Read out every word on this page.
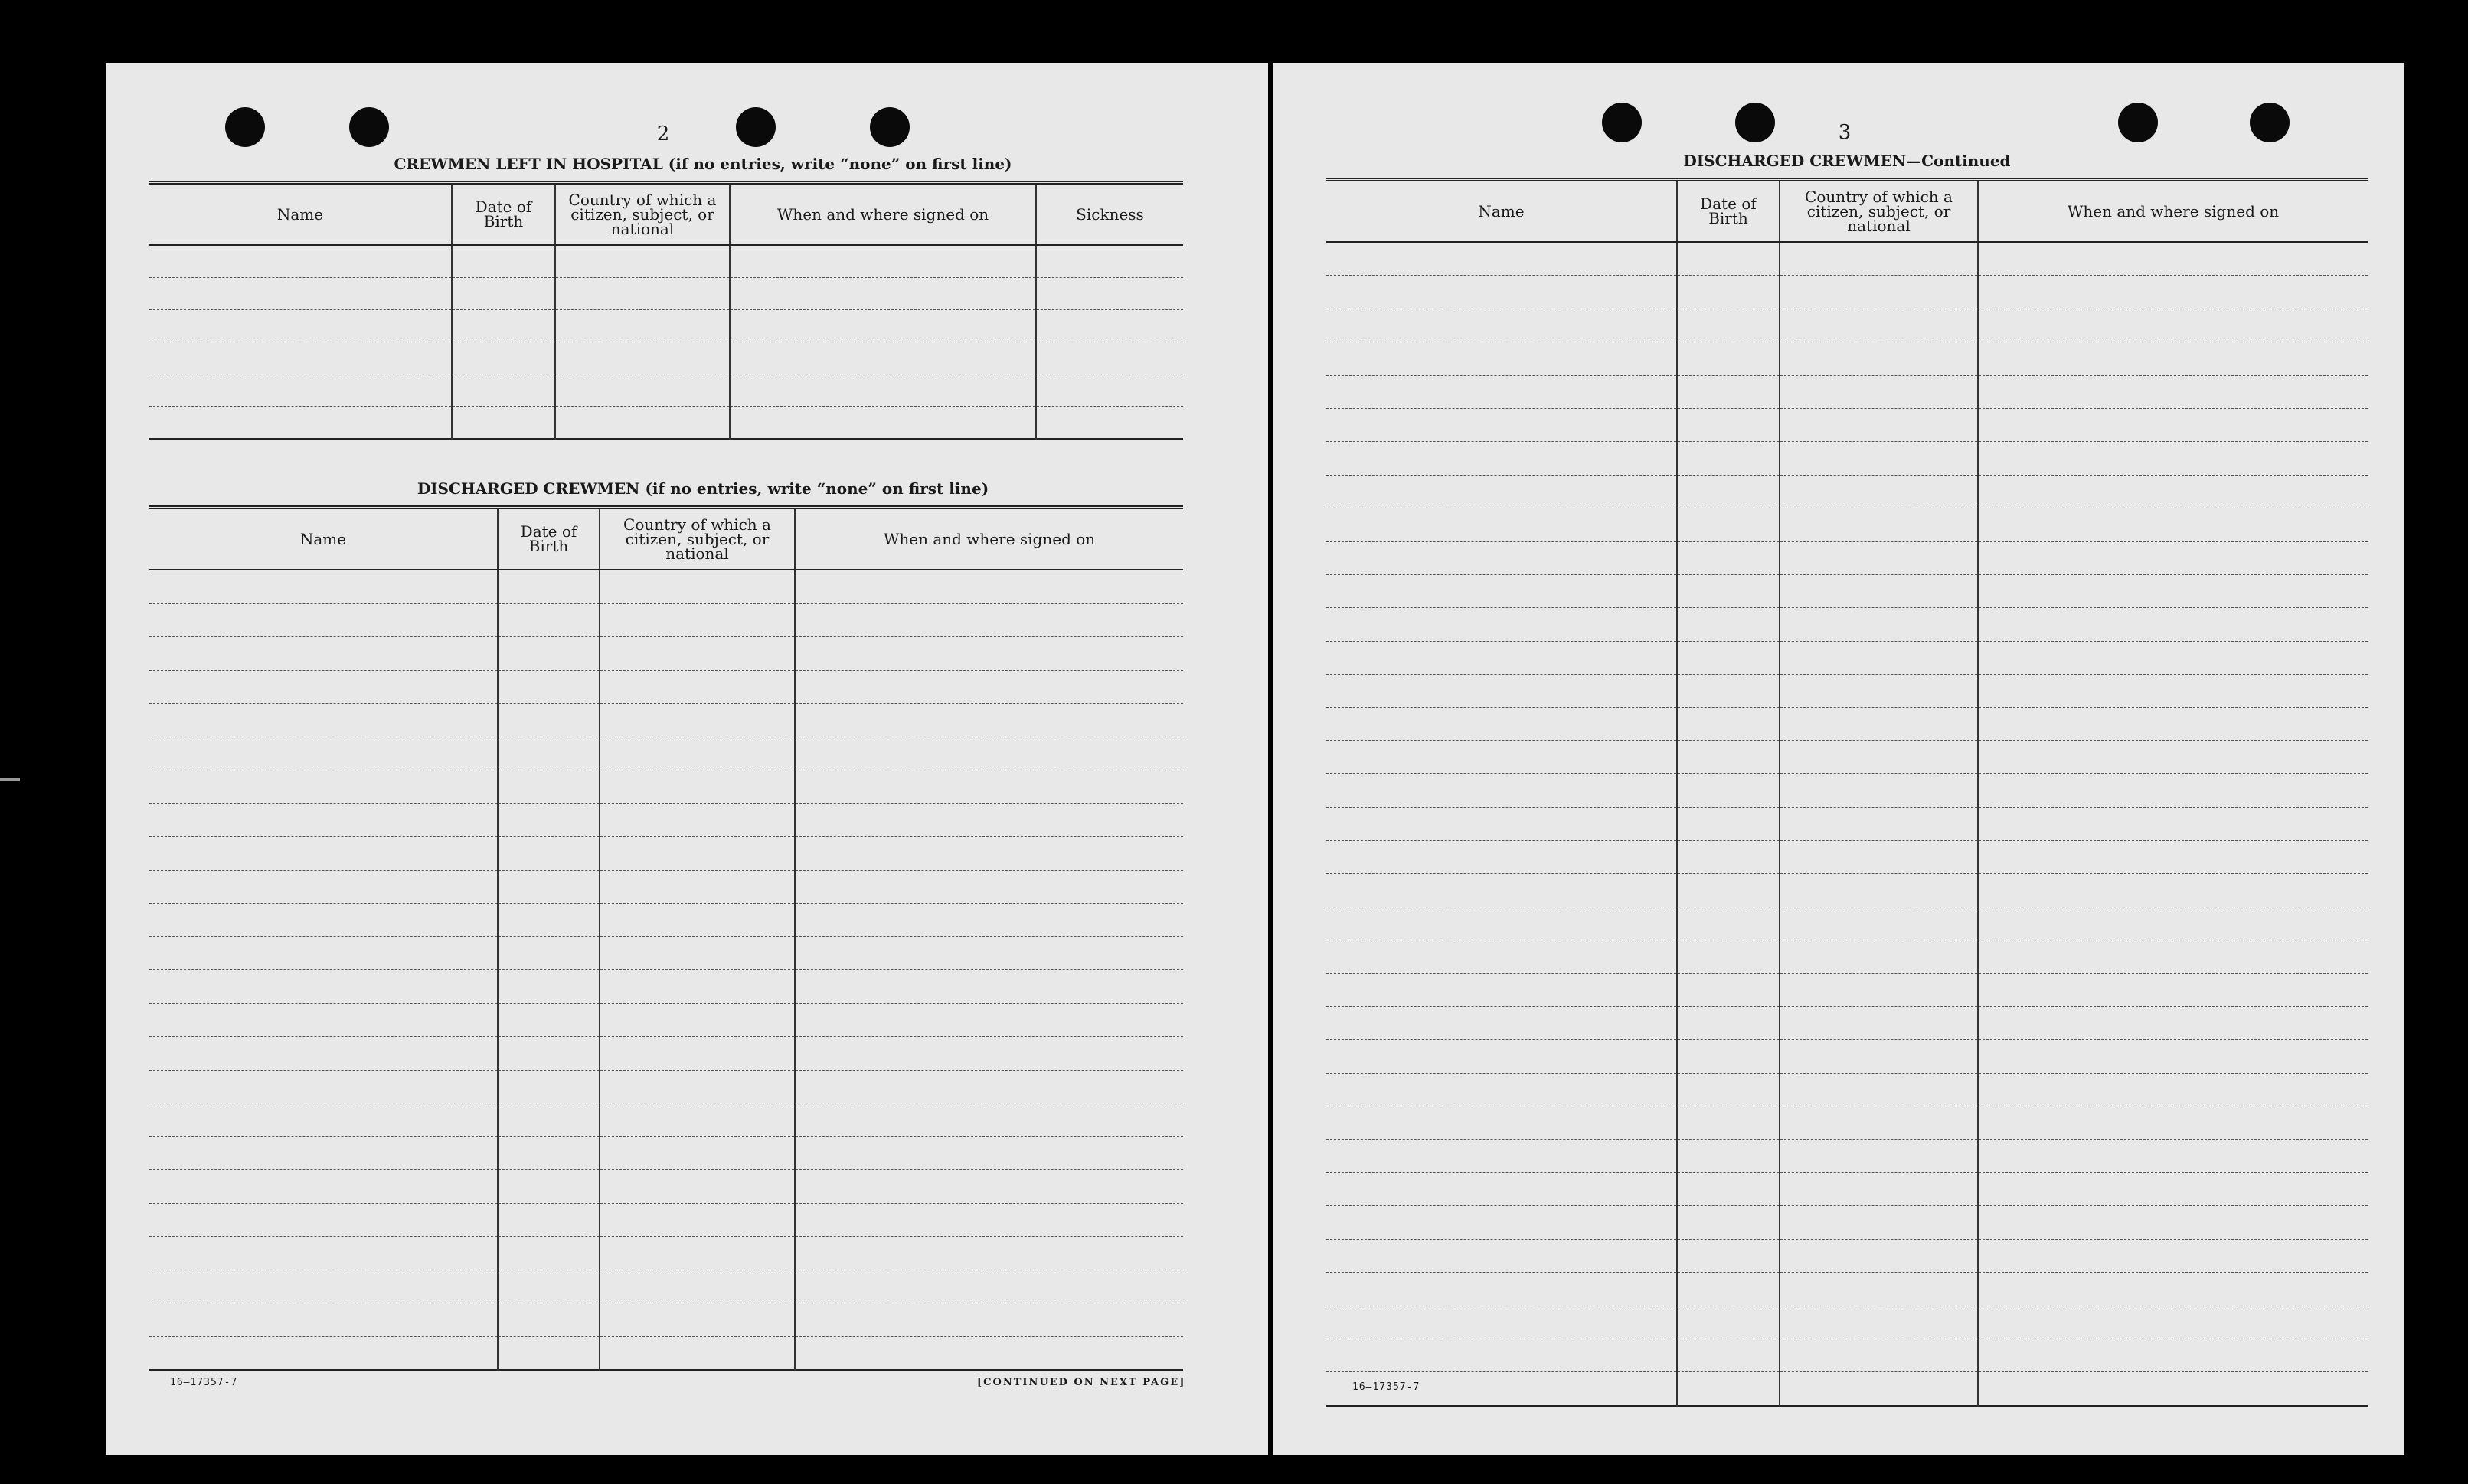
2
CREWMEN LEFT IN HOSPITAL (if no entries, write “none” on first line)
Name	Date of Birth	Country of which a citizen, subject, or national	When and where signed on	Sickness

DISCHARGED CREWMEN (if no entries, write “none” on first line)
Name	Date of Birth	Country of which a citizen, subject, or national	When and where signed on

16—17357-7	[CONTINUED ON NEXT PAGE]
3
DISCHARGED CREWMEN—Continued
Name	Date of Birth	Country of which a citizen, subject, or national	When and where signed on

16—17357-7
